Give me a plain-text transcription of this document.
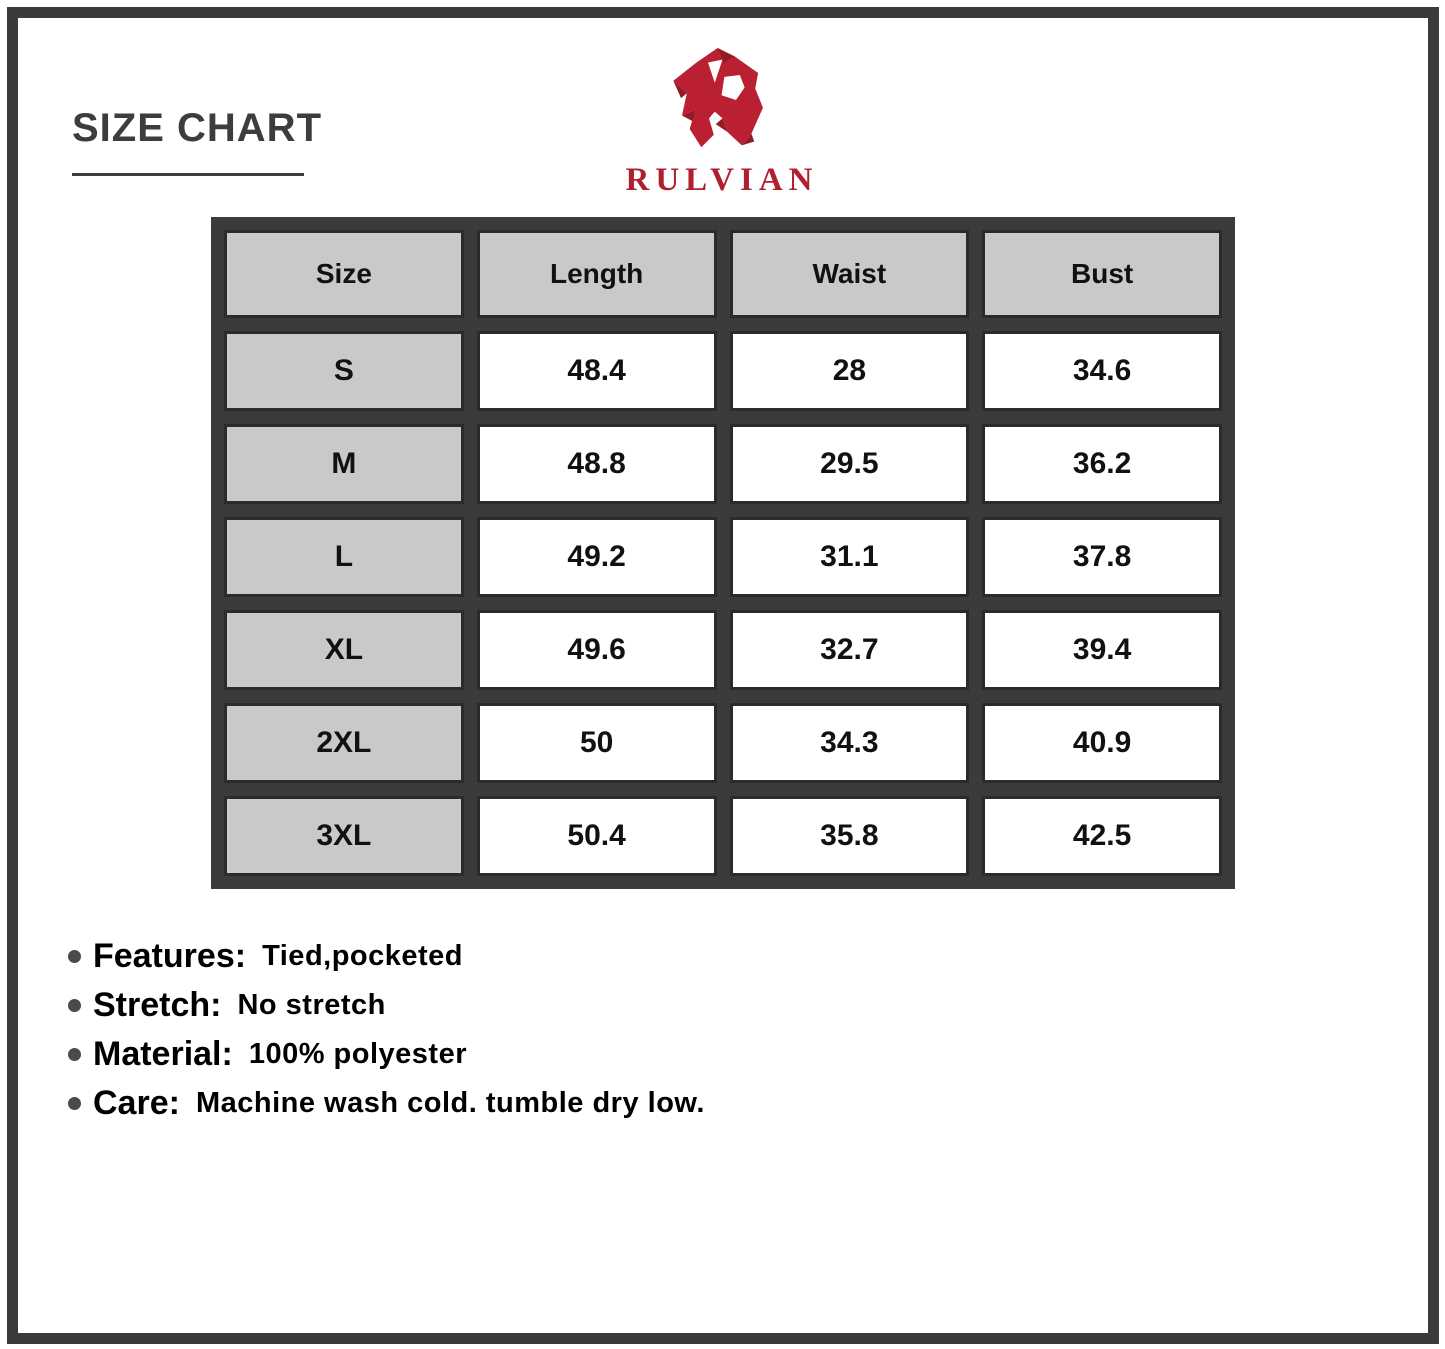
SIZE CHART
RULVIAN
Size	Length	Waist	Bust
S	48.4	28	34.6
M	48.8	29.5	36.2
L	49.2	31.1	37.8
XL	49.6	32.7	39.4
2XL	50	34.3	40.9
3XL	50.4	35.8	42.5
Features: Tied,pocketed
Stretch: No stretch
Material: 100% polyester
Care: Machine wash cold. tumble dry low.
